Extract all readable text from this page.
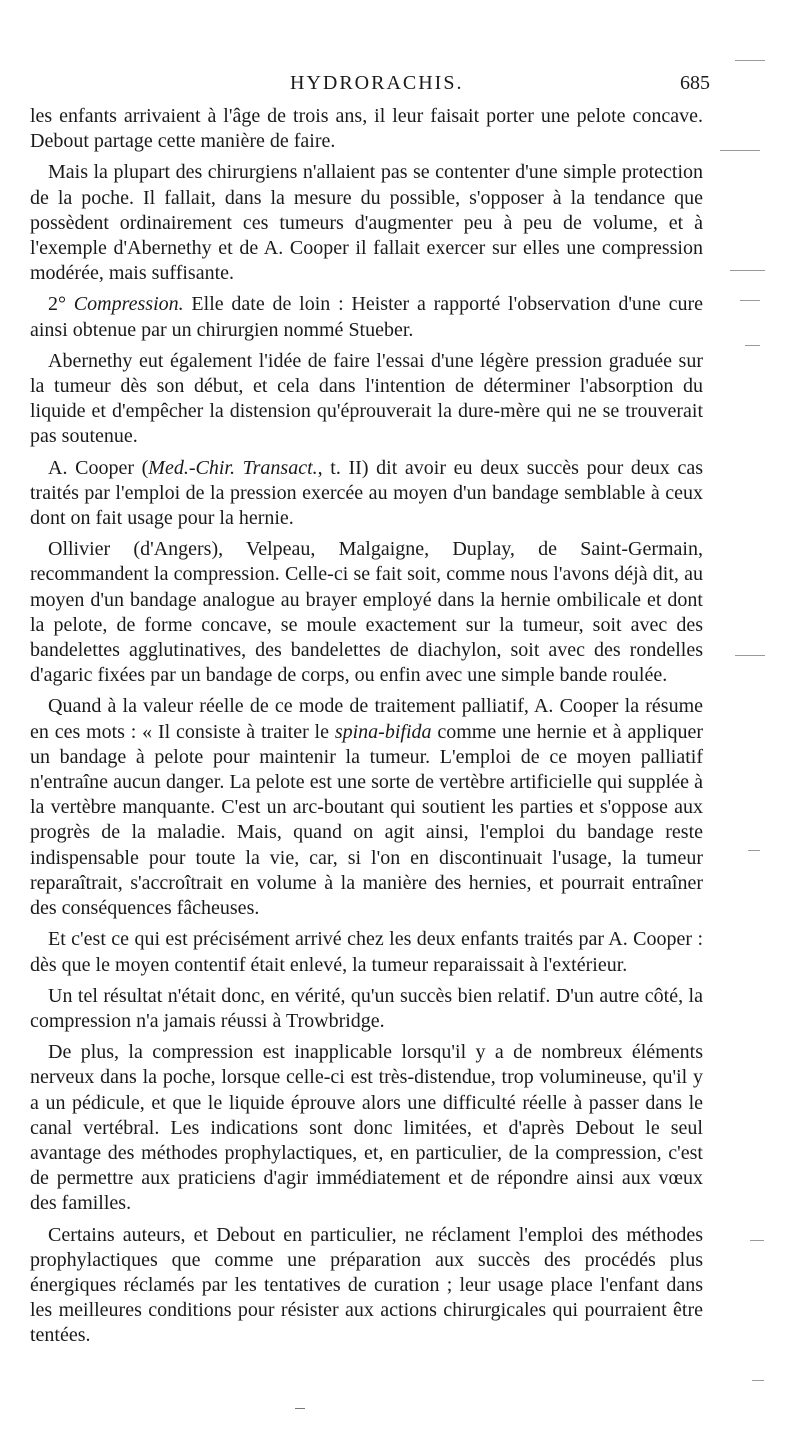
HYDRORACHIS.	685

les enfants arrivaient à l'âge de trois ans, il leur faisait porter une pelote concave. Debout partage cette manière de faire.

Mais la plupart des chirurgiens n'allaient pas se contenter d'une simple protection de la poche. Il fallait, dans la mesure du possible, s'opposer à la tendance que possèdent ordinairement ces tumeurs d'augmenter peu à peu de volume, et à l'exemple d'Abernethy et de A. Cooper il fallait exercer sur elles une compression modérée, mais suffisante.

2° Compression. Elle date de loin : Heister a rapporté l'observation d'une cure ainsi obtenue par un chirurgien nommé Stueber.

Abernethy eut également l'idée de faire l'essai d'une légère pression graduée sur la tumeur dès son début, et cela dans l'intention de déterminer l'absorption du liquide et d'empêcher la distension qu'éprouverait la dure-mère qui ne se trouverait pas soutenue.

A. Cooper (Med.-Chir. Transact., t. II) dit avoir eu deux succès pour deux cas traités par l'emploi de la pression exercée au moyen d'un bandage semblable à ceux dont on fait usage pour la hernie.

Ollivier (d'Angers), Velpeau, Malgaigne, Duplay, de Saint-Germain, recommandent la compression. Celle-ci se fait soit, comme nous l'avons déjà dit, au moyen d'un bandage analogue au brayer employé dans la hernie ombilicale et dont la pelote, de forme concave, se moule exactement sur la tumeur, soit avec des bandelettes agglutinatives, des bandelettes de diachylon, soit avec des rondelles d'agaric fixées par un bandage de corps, ou enfin avec une simple bande roulée.

Quand à la valeur réelle de ce mode de traitement palliatif, A. Cooper la résume en ces mots : « Il consiste à traiter le spina-bifida comme une hernie et à appliquer un bandage à pelote pour maintenir la tumeur. L'emploi de ce moyen palliatif n'entraîne aucun danger. La pelote est une sorte de vertèbre artificielle qui supplée à la vertèbre manquante. C'est un arc-boutant qui soutient les parties et s'oppose aux progrès de la maladie. Mais, quand on agit ainsi, l'emploi du bandage reste indispensable pour toute la vie, car, si l'on en discontinuait l'usage, la tumeur reparaîtrait, s'accroîtrait en volume à la manière des hernies, et pourrait entraîner des conséquences fâcheuses.

Et c'est ce qui est précisément arrivé chez les deux enfants traités par A. Cooper : dès que le moyen contentif était enlevé, la tumeur reparaissait à l'extérieur.

Un tel résultat n'était donc, en vérité, qu'un succès bien relatif. D'un autre côté, la compression n'a jamais réussi à Trowbridge.

De plus, la compression est inapplicable lorsqu'il y a de nombreux éléments nerveux dans la poche, lorsque celle-ci est très-distendue, trop volumineuse, qu'il y a un pédicule, et que le liquide éprouve alors une difficulté réelle à passer dans le canal vertébral. Les indications sont donc limitées, et d'après Debout le seul avantage des méthodes prophylactiques, et, en particulier, de la compression, c'est de permettre aux praticiens d'agir immédiatement et de répondre ainsi aux vœux des familles.

Certains auteurs, et Debout en particulier, ne réclament l'emploi des méthodes prophylactiques que comme une préparation aux succès des procédés plus énergiques réclamés par les tentatives de curation ; leur usage place l'enfant dans les meilleures conditions pour résister aux actions chirurgicales qui pourraient être tentées.
